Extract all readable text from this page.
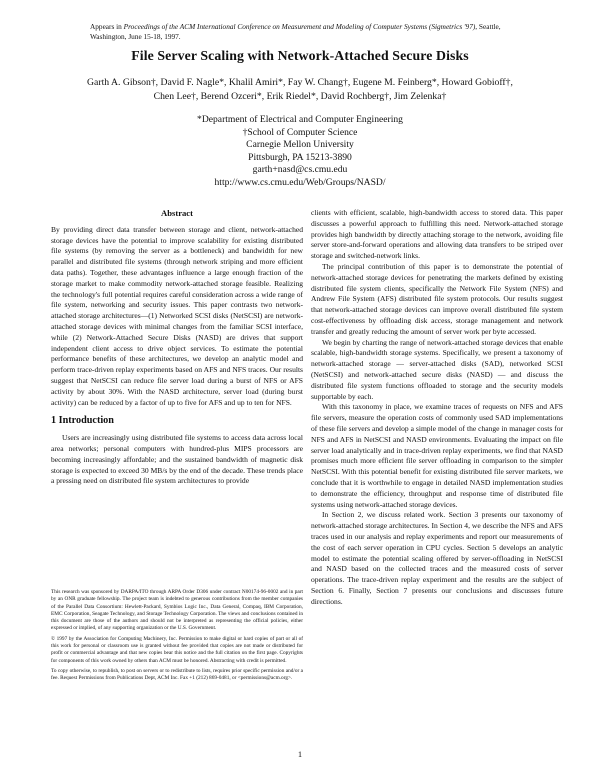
Appears in Proceedings of the ACM International Conference on Measurement and Modeling of Computer Systems (Sigmetrics '97), Seattle, Washington, June 15-18, 1997.
File Server Scaling with Network-Attached Secure Disks
Garth A. Gibson†, David F. Nagle*, Khalil Amiri*, Fay W. Chang†, Eugene M. Feinberg*, Howard Gobioff†,
Chen Lee†, Berend Ozceri*, Erik Riedel*, David Rochberg†, Jim Zelenka†
*Department of Electrical and Computer Engineering
†School of Computer Science
Carnegie Mellon University
Pittsburgh, PA 15213-3890
garth+nasd@cs.cmu.edu
http://www.cs.cmu.edu/Web/Groups/NASD/
Abstract

By providing direct data transfer between storage and client, network-attached storage devices have the potential to improve scalability for existing distributed file systems (by removing the server as a bottleneck) and bandwidth for new parallel and distributed file systems (through network striping and more efficient data paths). Together, these advantages influence a large enough fraction of the storage market to make commodity network-attached storage feasible. Realizing the technology's full potential requires careful consideration across a wide range of file system, networking and security issues. This paper contrasts two network-attached storage architectures—(1) Networked SCSI disks (NetSCSI) are network-attached storage devices with minimal changes from the familiar SCSI interface, while (2) Network-Attached Secure Disks (NASD) are drives that support independent client access to drive object services. To estimate the potential performance benefits of these architectures, we develop an analytic model and perform trace-driven replay experiments based on AFS and NFS traces. Our results suggest that NetSCSI can reduce file server load during a burst of NFS or AFS activity by about 30%. With the NASD architecture, server load (during burst activity) can be reduced by a factor of up to five for AFS and up to ten for NFS.

1 Introduction

Users are increasingly using distributed file systems to access data across local area networks; personal computers with hundred-plus MIPS processors are becoming increasingly affordable; and the sustained bandwidth of magnetic disk storage is expected to exceed 30 MB/s by the end of the decade. These trends place a pressing need on distributed file system architectures to provide

This research was sponsored by DARPA/ITO through ARPA Order D306 under contract N00174-96-0002 and in part by an ONR graduate fellowship. The project team is indebted to generous contributions from the member companies of the Parallel Data Consortium: Hewlett-Packard, Symbios Logic Inc., Data General, Compaq, IBM Corporation, EMC Corporation, Seagate Technology, and Storage Technology Corporation. The views and conclusions contained in this document are those of the authors and should not be interpreted as representing the official policies, either expressed or implied, of any supporting organization or the U.S. Government.

© 1997 by the Association for Computing Machinery, Inc. Permission to make digital or hard copies of part or all of this work for personal or classroom use is granted without fee provided that copies are not made or distributed for profit or commercial advantage and that new copies bear this notice and the full citation on the first page. Copyrights for components of this work owned by others than ACM must be honored. Abstracting with credit is permitted.

To copy otherwise, to republish, to post on servers or to redistribute to lists, requires prior specific permission and/or a fee. Request Permissions from Publications Dept, ACM Inc. Fax +1 (212) 869-0481, or <permissions@acm.org>.

clients with efficient, scalable, high-bandwidth access to stored data. This paper discusses a powerful approach to fulfilling this need. Network-attached storage provides high bandwidth by directly attaching storage to the network, avoiding file server store-and-forward operations and allowing data transfers to be striped over storage and switched-network links.

The principal contribution of this paper is to demonstrate the potential of network-attached storage devices for penetrating the markets defined by existing distributed file system clients, specifically the Network File System (NFS) and Andrew File System (AFS) distributed file system protocols. Our results suggest that network-attached storage devices can improve overall distributed file system cost-effectiveness by offloading disk access, storage management and network transfer and greatly reducing the amount of server work per byte accessed.

We begin by charting the range of network-attached storage devices that enable scalable, high-bandwidth storage systems. Specifically, we present a taxonomy of network-attached storage — server-attached disks (SAD), networked SCSI (NetSCSI) and network-attached secure disks (NASD) — and discuss the distributed file system functions offloaded to storage and the security models supportable by each.

With this taxonomy in place, we examine traces of requests on NFS and AFS file servers, measure the operation costs of commonly used SAD implementations of these file servers and develop a simple model of the change in manager costs for NFS and AFS in NetSCSI and NASD environments. Evaluating the impact on file server load analytically and in trace-driven replay experiments, we find that NASD promises much more efficient file server offloading in comparison to the simpler NetSCSI. With this potential benefit for existing distributed file server markets, we conclude that it is worthwhile to engage in detailed NASD implementation studies to demonstrate the efficiency, throughput and response time of distributed file systems using network-attached storage devices.

In Section 2, we discuss related work. Section 3 presents our taxonomy of network-attached storage architectures. In Section 4, we describe the NFS and AFS traces used in our analysis and replay experiments and report our measurements of the cost of each server operation in CPU cycles. Section 5 develops an analytic model to estimate the potential scaling offered by server-offloading in NetSCSI and NASD based on the collected traces and the measured costs of server operations. The trace-driven replay experiment and the results are the subject of Section 6. Finally, Section 7 presents our conclusions and discusses future directions.

1
